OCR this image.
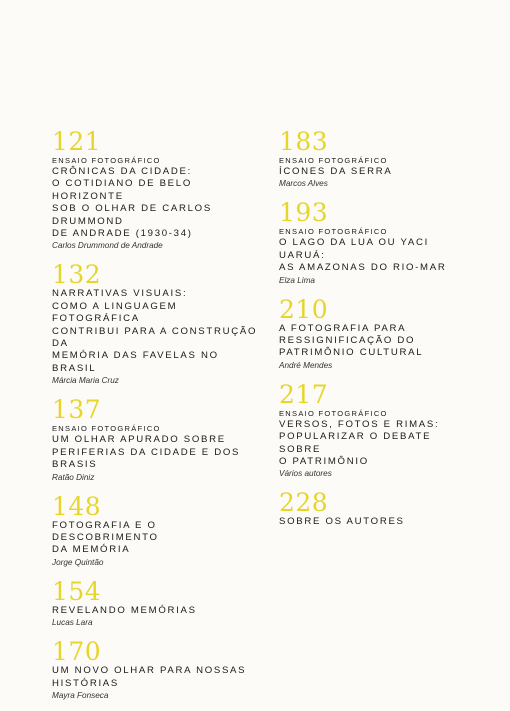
121
ENSAIO FOTOGRÁFICO
CRÔNICAS DA CIDADE:
O COTIDIANO DE BELO HORIZONTE
SOB O OLHAR DE CARLOS DRUMMOND
DE ANDRADE (1930-34)
Carlos Drummond de Andrade
132
NARRATIVAS VISUAIS:
COMO A LINGUAGEM FOTOGRÁFICA
CONTRIBUI PARA A CONSTRUÇÃO DA
MEMÓRIA DAS FAVELAS NO BRASIL
Márcia Maria Cruz
137
ENSAIO FOTOGRÁFICO
UM OLHAR APURADO SOBRE
PERIFERIAS DA CIDADE E DOS BRASIS
Ratão Diniz
148
FOTOGRAFIA E O DESCOBRIMENTO
DA MEMÓRIA
Jorge Quintão
154
REVELANDO MEMÓRIAS
Lucas Lara
170
UM NOVO OLHAR PARA NOSSAS
HISTÓRIAS
Mayra Fonseca
183
ENSAIO FOTOGRÁFICO
ÍCONES DA SERRA
Marcos Alves
193
ENSAIO FOTOGRÁFICO
O LAGO DA LUA OU YACI UARUÁ:
AS AMAZONAS DO RIO-MAR
Elza Lima
210
A FOTOGRAFIA PARA
RESSIGNIFICAÇÃO DO
PATRIMÔNIO CULTURAL
André Mendes
217
ENSAIO FOTOGRÁFICO
VERSOS, FOTOS E RIMAS:
POPULARIZAR O DEBATE SOBRE
O PATRIMÔNIO
Vários autores
228
SOBRE OS AUTORES
